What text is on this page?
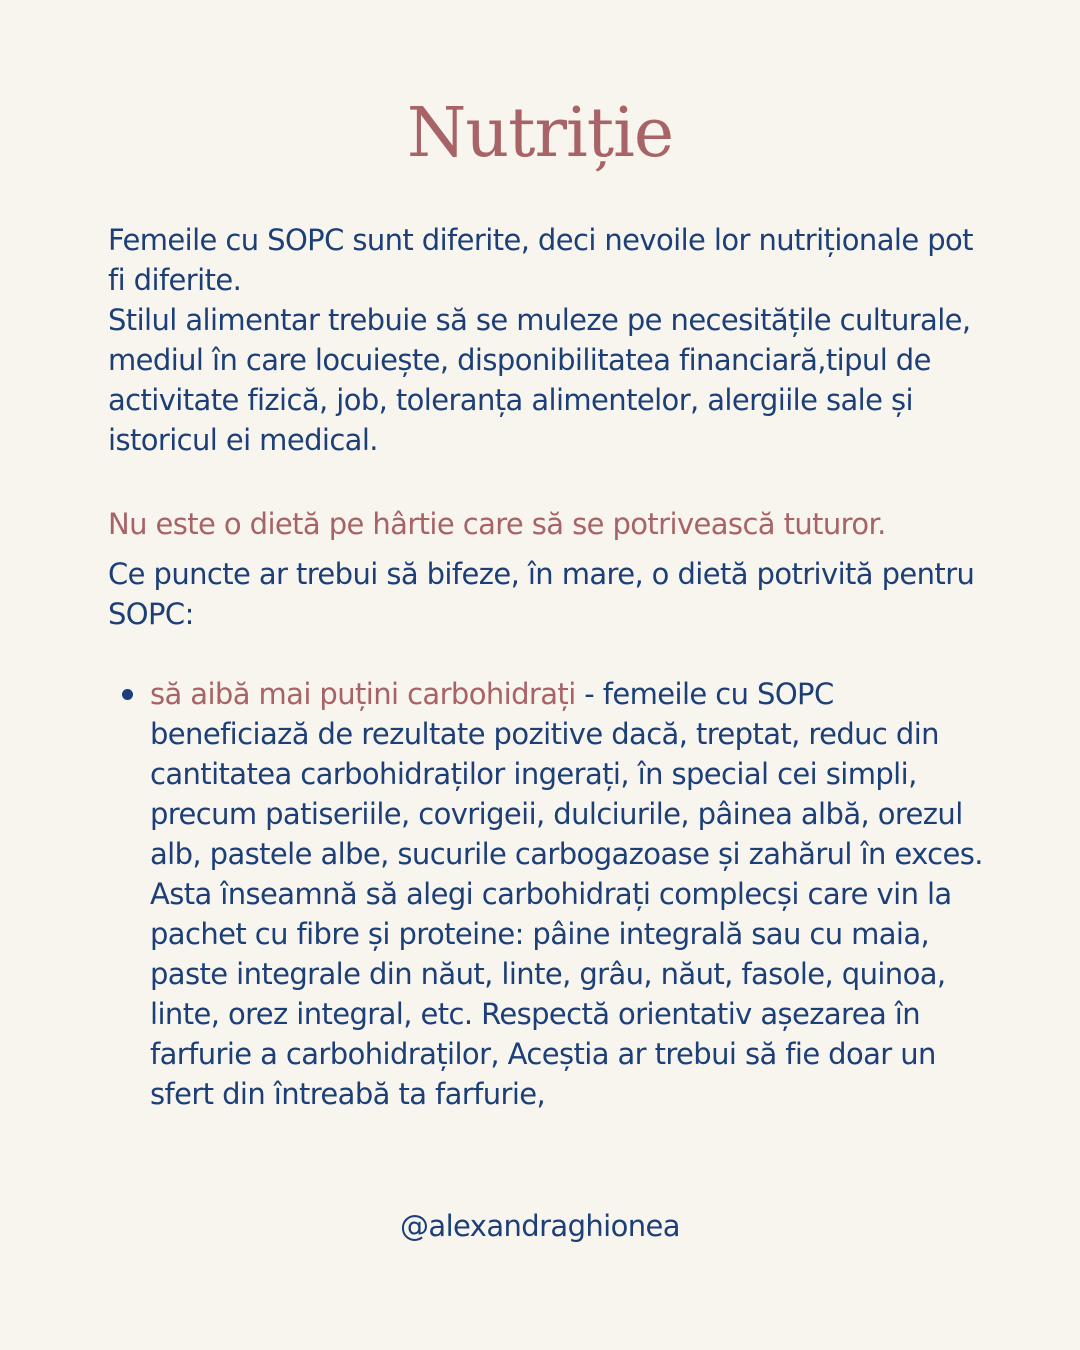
Nutriție

Femeile cu SOPC sunt diferite, deci nevoile lor nutriționale pot fi diferite.

Stilul alimentar trebuie să se muleze pe necesitățile culturale, mediul în care locuiește, disponibilitatea financiară,tipul de activitate fizică, job, toleranța alimentelor, alergiile sale și istoricul ei medical.

Nu este o dietă pe hârtie care să se potrivească tuturor.

Ce puncte ar trebui să bifeze, în mare, o dietă potrivită pentru SOPC:

să aibă mai puțini carbohidrați - femeile cu SOPC beneficiază de rezultate pozitive dacă, treptat, reduc din cantitatea carbohidraților ingerați, în special cei simpli, precum patiseriile, covrigeii, dulciurile, pâinea albă, orezul alb, pastele albe, sucurile carbogazoase și zahărul în exces. Asta înseamnă să alegi carbohidrați complecși care vin la pachet cu fibre și proteine: pâine integrală sau cu maia, paste integrale din năut, linte, grâu, năut, fasole, quinoa, linte, orez integral, etc. Respectă orientativ așezarea în farfurie a carbohidraților, Aceștia ar trebui să fie doar un sfert din întreabă ta farfurie,
@alexandraghionea
